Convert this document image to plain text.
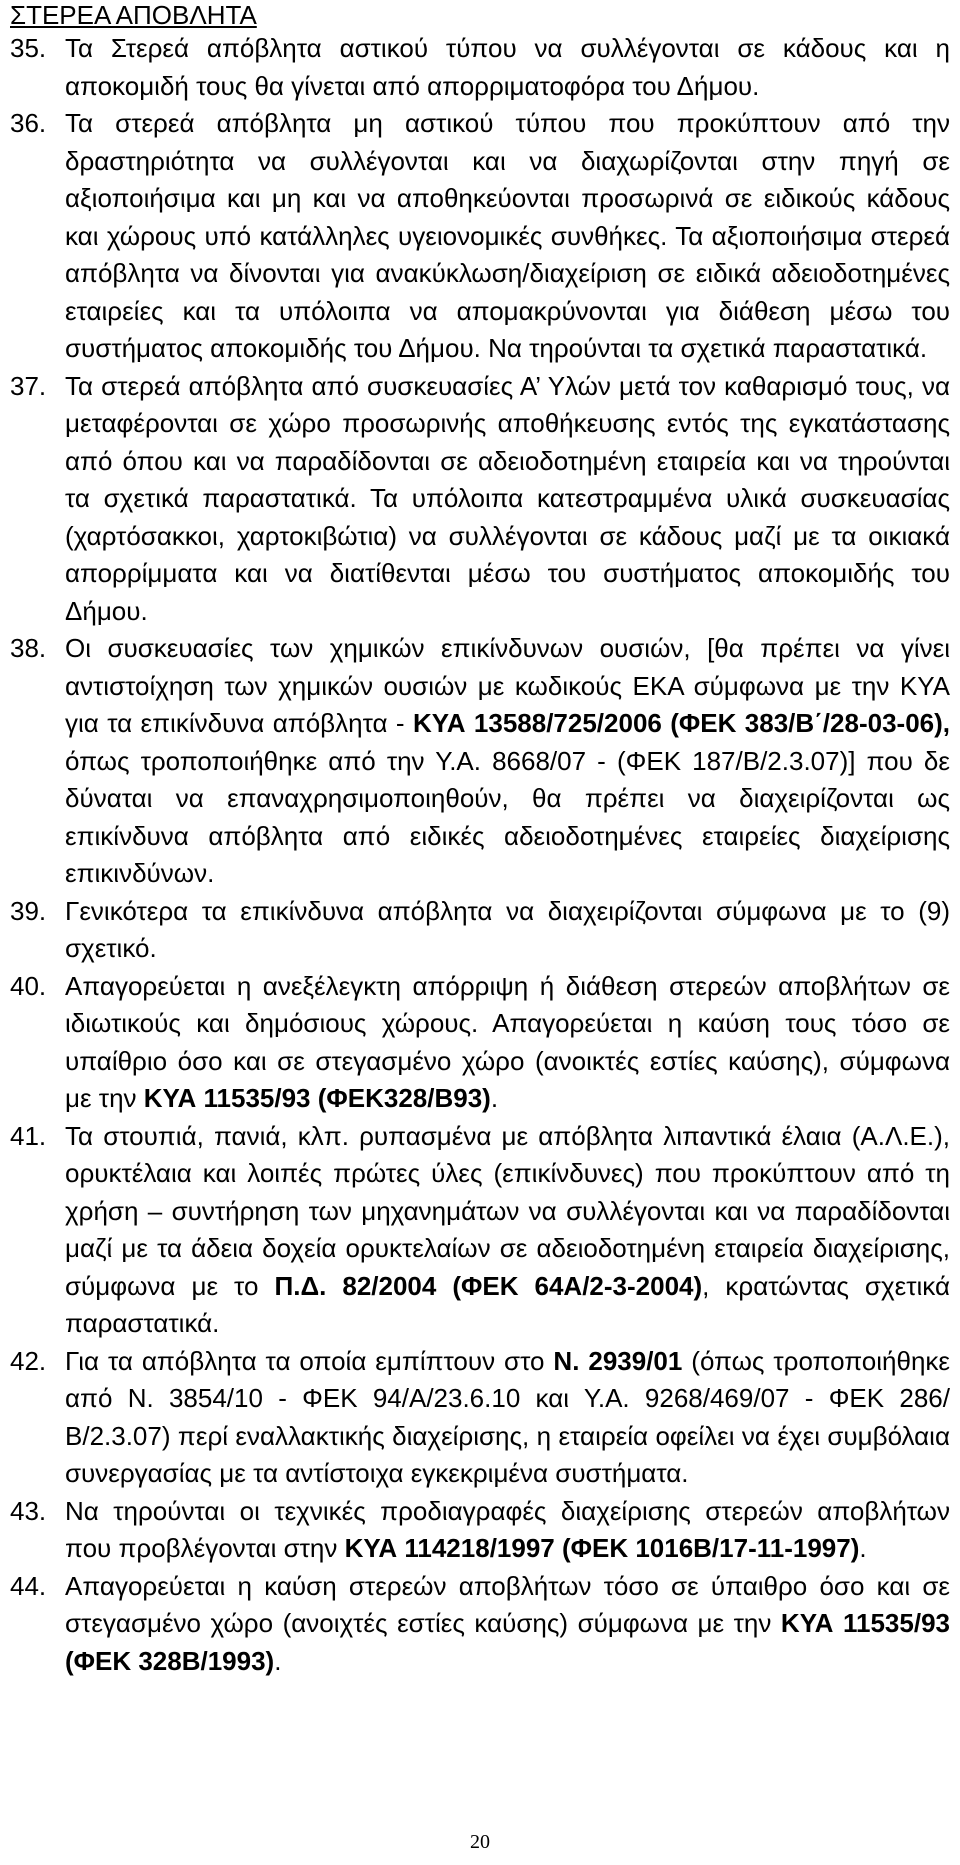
ΣΤΕΡΕΑ ΑΠΟΒΛΗΤΑ

35. Τα Στερεά απόβλητα αστικού τύπου να συλλέγονται σε κάδους και η αποκομιδή τους θα γίνεται από απορριματοφόρα του Δήμου.
36. Τα στερεά απόβλητα μη αστικού τύπου που προκύπτουν από την δραστηριότητα να συλλέγονται και να διαχωρίζονται στην πηγή σε αξιοποιήσιμα και μη και να αποθηκεύονται προσωρινά σε ειδικούς κάδους και χώρους υπό κατάλληλες υγειονομικές συνθήκες. Τα αξιοποιήσιμα στερεά απόβλητα να δίνονται για ανακύκλωση/διαχείριση σε ειδικά αδειοδοτημένες εταιρείες και τα υπόλοιπα να απομακρύνονται για διάθεση μέσω του συστήματος αποκομιδής του Δήμου. Να τηρούνται τα σχετικά παραστατικά.
37. Τα στερεά απόβλητα από συσκευασίες Α’ Υλών μετά τον καθαρισμό τους, να μεταφέρονται σε χώρο προσωρινής αποθήκευσης εντός της εγκατάστασης από όπου και να παραδίδονται σε αδειοδοτημένη εταιρεία και να τηρούνται τα σχετικά παραστατικά. Τα υπόλοιπα κατεστραμμένα υλικά συσκευασίας (χαρτόσακκοι, χαρτοκιβώτια) να συλλέγονται σε κάδους μαζί με τα οικιακά απορρίμματα και να διατίθενται μέσω του συστήματος αποκομιδής του Δήμου.
38. Οι συσκευασίες των χημικών επικίνδυνων ουσιών, [θα πρέπει να γίνει αντιστοίχηση των χημικών ουσιών με κωδικούς ΕΚΑ σύμφωνα με την ΚΥΑ για τα επικίνδυνα απόβλητα - ΚΥΑ 13588/725/2006 (ΦΕΚ 383/Β΄/28-03-06), όπως τροποποιήθηκε από την Υ.Α. 8668/07 - (ΦΕΚ 187/Β/2.3.07)] που δε δύναται να επαναχρησιμοποιηθούν, θα πρέπει να διαχειρίζονται ως επικίνδυνα απόβλητα από ειδικές αδειοδοτημένες εταιρείες διαχείρισης επικινδύνων.
39. Γενικότερα τα επικίνδυνα απόβλητα να διαχειρίζονται σύμφωνα με το (9) σχετικό.
40. Απαγορεύεται η ανεξέλεγκτη απόρριψη ή διάθεση στερεών αποβλήτων σε ιδιωτικούς και δημόσιους χώρους. Απαγορεύεται η καύση τους τόσο σε υπαίθριο όσο και σε στεγασμένο χώρο (ανοικτές εστίες καύσης), σύμφωνα με την ΚΥΑ 11535/93 (ΦΕΚ328/Β93).
41. Τα στουπιά, πανιά, κλπ. ρυπασμένα με απόβλητα λιπαντικά έλαια (Α.Λ.Ε.), ορυκτέλαια και λοιπές πρώτες ύλες (επικίνδυνες) που προκύπτουν από τη χρήση – συντήρηση των μηχανημάτων να συλλέγονται και να παραδίδονται μαζί με τα άδεια δοχεία ορυκτελαίων σε αδειοδοτημένη εταιρεία διαχείρισης, σύμφωνα με το Π.Δ. 82/2004 (ΦΕΚ 64Α/2-3-2004), κρατώντας σχετικά παραστατικά.
42. Για τα απόβλητα τα οποία εμπίπτουν στο Ν. 2939/01 (όπως τροποποιήθηκε από Ν. 3854/10 - ΦΕΚ 94/Α/23.6.10 και Υ.Α. 9268/469/07 - ΦΕΚ 286/Β/2.3.07) περί εναλλακτικής διαχείρισης, η εταιρεία οφείλει να έχει συμβόλαια συνεργασίας με τα αντίστοιχα εγκεκριμένα συστήματα.
43. Να τηρούνται οι τεχνικές προδιαγραφές διαχείρισης στερεών αποβλήτων που προβλέγονται στην ΚΥΑ 114218/1997 (ΦΕΚ 1016Β/17-11-1997).
44. Απαγορεύεται η καύση στερεών αποβλήτων τόσο σε ύπαιθρο όσο και σε στεγασμένο χώρο (ανοιχτές εστίες καύσης) σύμφωνα με την ΚΥΑ 11535/93 (ΦΕΚ 328Β/1993).
20
